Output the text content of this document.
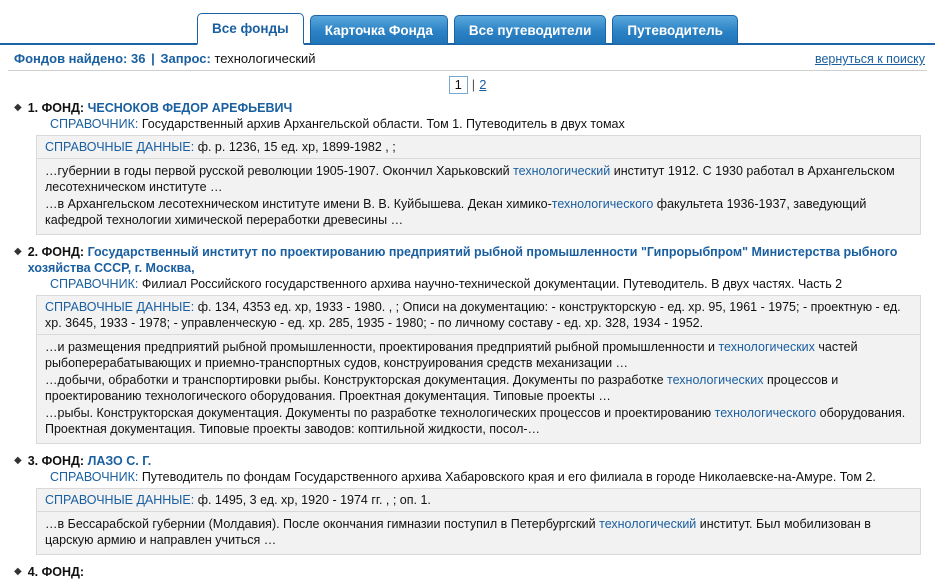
Все фонды	Карточка Фонда	Все путеводители	Путеводитель
Фондов найдено: 36 | Запрос: технологический	вернуться к поиску
1 | 2
◆ 1. ФОНД: ЧЕСНОКОВ ФЕДОР АРЕФЬЕВИЧ
СПРАВОЧНИК: Государственный архив Архангельской области. Том 1. Путеводитель в двух томах
СПРАВОЧНЫЕ ДАННЫЕ: ф. р. 1236, 15 ед. хр, 1899-1982 , ;
…губернии в годы первой русской революции 1905-1907. Окончил Харьковский технологический институт 1912. С 1930 работал в Архангельском лесотехническом институте …
…в Архангельском лесотехническом институте имени В. В. Куйбышева. Декан химико-технологического факультета 1936-1937, заведующий кафедрой технологии химической переработки древесины …
◆ 2. ФОНД: Государственный институт по проектированию предприятий рыбной промышленности "Гипрорыбпром" Министерства рыбного хозяйства СССР, г. Москва,
СПРАВОЧНИК: Филиал Российского государственного архива научно-технической документации. Путеводитель. В двух частях. Часть 2
СПРАВОЧНЫЕ ДАННЫЕ: ф. 134, 4353 ед. хр, 1933 - 1980. , ; Описи на документацию: - конструкторскую - ед. хр. 95, 1961 - 1975; - проектную - ед. хр. 3645, 1933 - 1978; - управленческую - ед. хр. 285, 1935 - 1980; - по личному составу - ед. хр. 328, 1934 - 1952.
…и размещения предприятий рыбной промышленности, проектирования предприятий рыбной промышленности и технологических частей рыбоперерабатывающих и приемно-транспортных судов, конструирования средств механизации …
…добычи, обработки и транспортировки рыбы. Конструкторская документация. Документы по разработке технологических процессов и проектированию технологического оборудования. Проектная документация. Типовые проекты …
…рыбы. Конструкторская документация. Документы по разработке технологических процессов и проектированию технологического оборудования. Проектная документация. Типовые проекты заводов: коптильной жидкости, посол-…
◆ 3. ФОНД: ЛАЗО С. Г.
СПРАВОЧНИК: Путеводитель по фондам Государственного архива Хабаровского края и его филиала в городе Николаевске-на-Амуре. Том 2.
СПРАВОЧНЫЕ ДАННЫЕ: ф. 1495, 3 ед. хр, 1920 - 1974 гг. , ; оп. 1.
…в Бессарабской губернии (Молдавия). После окончания гимназии поступил в Петербургский технологический институт. Был мобилизован в царскую армию и направлен учиться …
◆ 4. ФОНД:
